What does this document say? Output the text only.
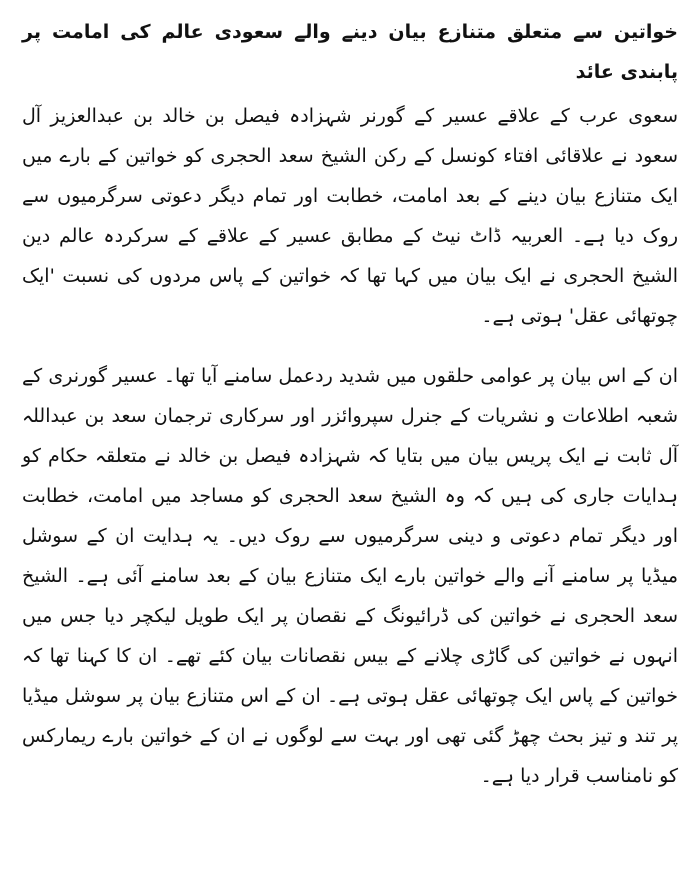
خواتین سے متعلق متنازع بیان دینے والے سعودی عالم کی امامت پر پابندی عائد

سعوی عرب کے علاقے عسیر کے گورنر شہزادہ فیصل بن خالد بن عبدالعزیز آل سعود نے علاقائی افتاء کونسل کے رکن الشیخ سعد الحجری کو خواتین کے بارے میں ایک متنازع بیان دینے کے بعد امامت، خطابت اور تمام دیگر دعوتی سرگرمیوں سے روک دیا ہے۔ العربیہ ڈاٹ نیٹ کے مطابق عسیر کے علاقے کے سرکردہ عالم دین الشیخ الحجری نے ایک بیان میں کہا تھا کہ خواتین کے پاس مردوں کی نسبت 'ایک چوتھائی عقل' ہوتی ہے۔

ان کے اس بیان پر عوامی حلقوں میں شدید ردعمل سامنے آیا تھا۔ عسیر گورنری کے شعبہ اطلاعات و نشریات کے جنرل سپروائزر اور سرکاری ترجمان سعد بن عبداللہ آل ثابت نے ایک پریس بیان میں بتایا کہ شہزادہ فیصل بن خالد نے متعلقہ حکام کو ہدایات جاری کی ہیں کہ وہ الشیخ سعد الحجری کو مساجد میں امامت، خطابت اور دیگر تمام دعوتی و دینی سرگرمیوں سے روک دیں۔ یہ ہدایت ان کے سوشل میڈیا پر سامنے آنے والے خواتین بارے ایک متنازع بیان کے بعد سامنے آئی ہے۔ الشیخ سعد الحجری نے خواتین کی ڈرائیونگ کے نقصان پر ایک طویل لیکچر دیا جس میں انہوں نے خواتین کی گاڑی چلانے کے بیس نقصانات بیان کئے تھے۔ ان کا کہنا تھا کہ خواتین کے پاس ایک چوتھائی عقل ہوتی ہے۔ ان کے اس متنازع بیان پر سوشل میڈیا پر تند و تیز بحث چھڑ گئی تھی اور بہت سے لوگوں نے ان کے خواتین بارے ریمارکس کو نامناسب قرار دیا ہے۔
